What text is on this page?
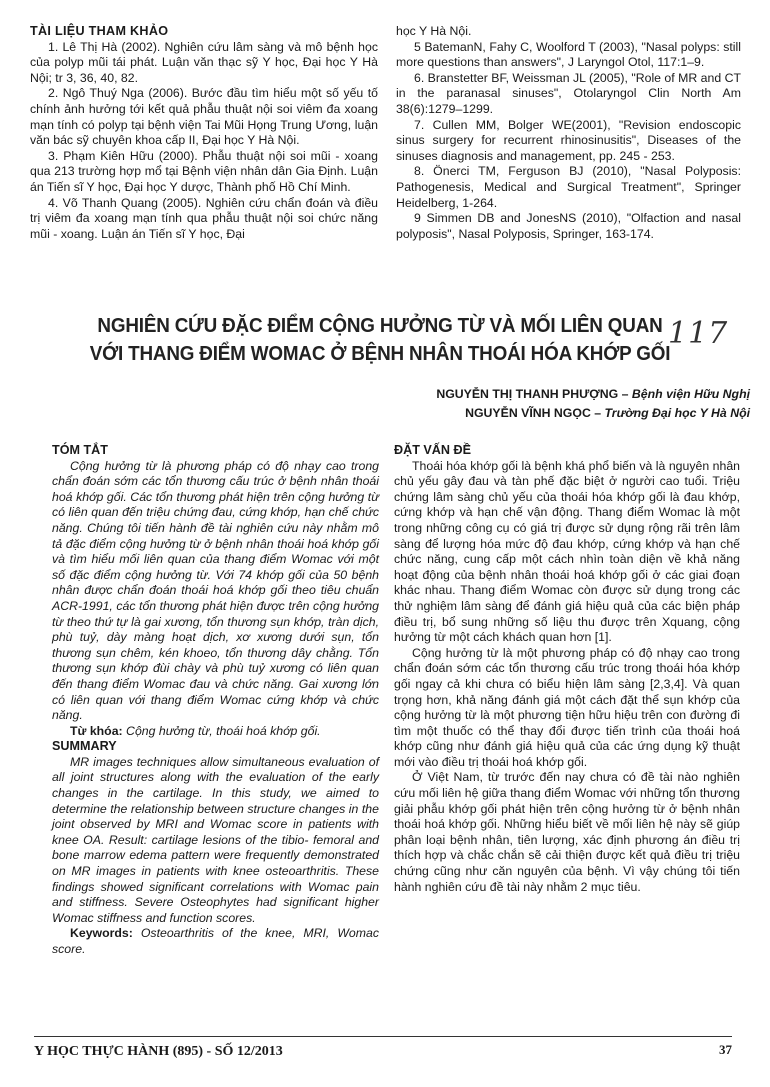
TÀI LIỆU THAM KHẢO

1. Lê Thị Hà (2002). Nghiên cứu lâm sàng và mô bệnh học của polyp mũi tái phát. Luận văn thạc sỹ Y học, Đại học Y Hà Nội; tr 3, 36, 40, 82.

2. Ngô Thuý Nga (2006). Bước đầu tìm hiểu một số yếu tố chính ảnh hưởng tới kết quả phẫu thuật nội soi viêm đa xoang mạn tính có polyp tại bệnh viện Tai Mũi Họng Trung Ương, luận văn bác sỹ chuyên khoa cấp II, Đại học Y Hà Nội.

3. Phạm Kiên Hữu (2000). Phẫu thuật nội soi mũi - xoang qua 213 trường hợp mổ tại Bệnh viện nhân dân Gia Định. Luận án Tiến sĩ Y học, Đại học Y dược, Thành phố Hồ Chí Minh.

4. Võ Thanh Quang (2005). Nghiên cứu chẩn đoán và điều trị viêm đa xoang mạn tính qua phẫu thuật nội soi chức năng mũi - xoang. Luận án Tiến sĩ Y học, Đại

học Y Hà Nội.

5 BatemanN, Fahy C, Woolford T (2003), "Nasal polyps: still more questions than answers", J Laryngol Otol, 117:1–9.

6. Branstetter BF, Weissman JL (2005), "Role of MR and CT in the paranasal sinuses", Otolaryngol Clin North Am 38(6):1279–1299.

7. Cullen MM, Bolger WE(2001), "Revision endoscopic sinus surgery for recurrent rhinosinusitis", Diseases of the sinuses diagnosis and management, pp. 245 - 253.

8. Önerci TM, Ferguson BJ (2010), "Nasal Polyposis: Pathogenesis, Medical and Surgical Treatment", Springer Heidelberg, 1-264.

9 Simmen DB and JonesNS (2010), "Olfaction and nasal polyposis", Nasal Polyposis, Springer, 163-174.

NGHIÊN CỨU ĐẶC ĐIỂM CỘNG HƯỞNG TỪ VÀ MỐI LIÊN QUAN
VỚI THANG ĐIỂM WOMAC Ở BỆNH NHÂN THOÁI HÓA KHỚP GỐI
117
NGUYỄN THỊ THANH PHƯỢNG – Bệnh viện Hữu Nghị
NGUYỄN VĨNH NGỌC – Trường Đại học Y Hà Nội

TÓM TẮT

Cộng hưởng từ là phương pháp có độ nhạy cao trong chẩn đoán sớm các tổn thương cấu trúc ở bệnh nhân thoái hoá khớp gối. Các tổn thương phát hiện trên cộng hưởng từ có liên quan đến triệu chứng đau, cứng khớp, hạn chế chức năng. Chúng tôi tiến hành đề tài nghiên cứu này nhằm mô tả đặc điểm cộng hưởng từ ở bệnh nhân thoái hoá khớp gối và tìm hiểu mối liên quan của thang điểm Womac với một số đặc điểm cộng hưởng từ. Với 74 khớp gối của 50 bệnh nhân được chẩn đoán thoái hoá khớp gối theo tiêu chuẩn ACR-1991, các tổn thương phát hiện được trên cộng hưởng từ theo thứ tự là gai xương, tổn thương sụn khớp, tràn dịch, phù tuỷ, dày màng hoạt dịch, xơ xương dưới sụn, tổn thương sụn chêm, kén khoeo, tổn thương dây chằng. Tổn thương sụn khớp đùi chày và phù tuỷ xương có liên quan đến thang điểm Womac đau và chức năng. Gai xương lớn có liên quan với thang điểm Womac cứng khớp và chức năng.

Từ khóa: Cộng hưởng từ, thoái hoá khớp gối.

SUMMARY

MR images techniques allow simultaneous evaluation of all joint structures along with the evaluation of the early changes in the cartilage. In this study, we aimed to determine the relationship between structure changes in the joint observed by MRI and Womac score in patients with knee OA. Result: cartilage lesions of the tibio- femoral and bone marrow edema pattern were frequently demonstrated on MR images in patients with knee osteoarthritis. These findings showed significant correlations with Womac pain and stiffness. Severe Osteophytes had significant higher Womac stiffness and function scores.

Keywords: Osteoarthritis of the knee, MRI, Womac score.

ĐẶT VẤN ĐỀ

Thoái hóa khớp gối là bệnh khá phổ biến và là nguyên nhân chủ yếu gây đau và tàn phế đặc biệt ở người cao tuổi. Triệu chứng lâm sàng chủ yếu của thoái hóa khớp gối là đau khớp, cứng khớp và hạn chế vận động. Thang điểm Womac là một trong những công cụ có giá trị được sử dụng rộng rãi trên lâm sàng để lượng hóa mức độ đau khớp, cứng khớp và hạn chế chức năng, cung cấp một cách nhìn toàn diện về khả năng hoạt động của bệnh nhân thoái hoá khớp gối ở các giai đoạn khác nhau. Thang điểm Womac còn được sử dụng trong các thử nghiệm lâm sàng để đánh giá hiệu quả của các biện pháp điều trị, bổ sung những số liệu thu được trên Xquang, cộng hưởng từ một cách khách quan hơn [1].

Cộng hưởng từ là một phương pháp có độ nhạy cao trong chẩn đoán sớm các tổn thương cấu trúc trong thoái hóa khớp gối ngay cả khi chưa có biểu hiện lâm sàng [2,3,4]. Và quan trọng hơn, khả năng đánh giá một cách đặt thể sụn khớp của cộng hưởng từ là một phương tiện hữu hiệu trên con đường đi tìm một thuốc có thể thay đổi được tiến trình của thoái hoá khớp cũng như đánh giá hiệu quả của các ứng dụng kỹ thuật mới vào điều trị thoái hoá khớp gối.

Ở Việt Nam, từ trước đến nay chưa có đề tài nào nghiên cứu mối liên hệ giữa thang điểm Womac với những tổn thương giải phẫu khớp gối phát hiện trên cộng hưởng từ ở bệnh nhân thoái hoá khớp gối. Những hiểu biết về mối liên hệ này sẽ giúp phân loại bệnh nhân, tiên lượng, xác định phương án điều trị thích hợp và chắc chắn sẽ cải thiện được kết quả điều trị triệu chứng cũng như căn nguyên của bệnh. Vì vậy chúng tôi tiến hành nghiên cứu đề tài này nhằm 2 mục tiêu.

Y HỌC THỰC HÀNH (895) - SỐ 12/2013	37
